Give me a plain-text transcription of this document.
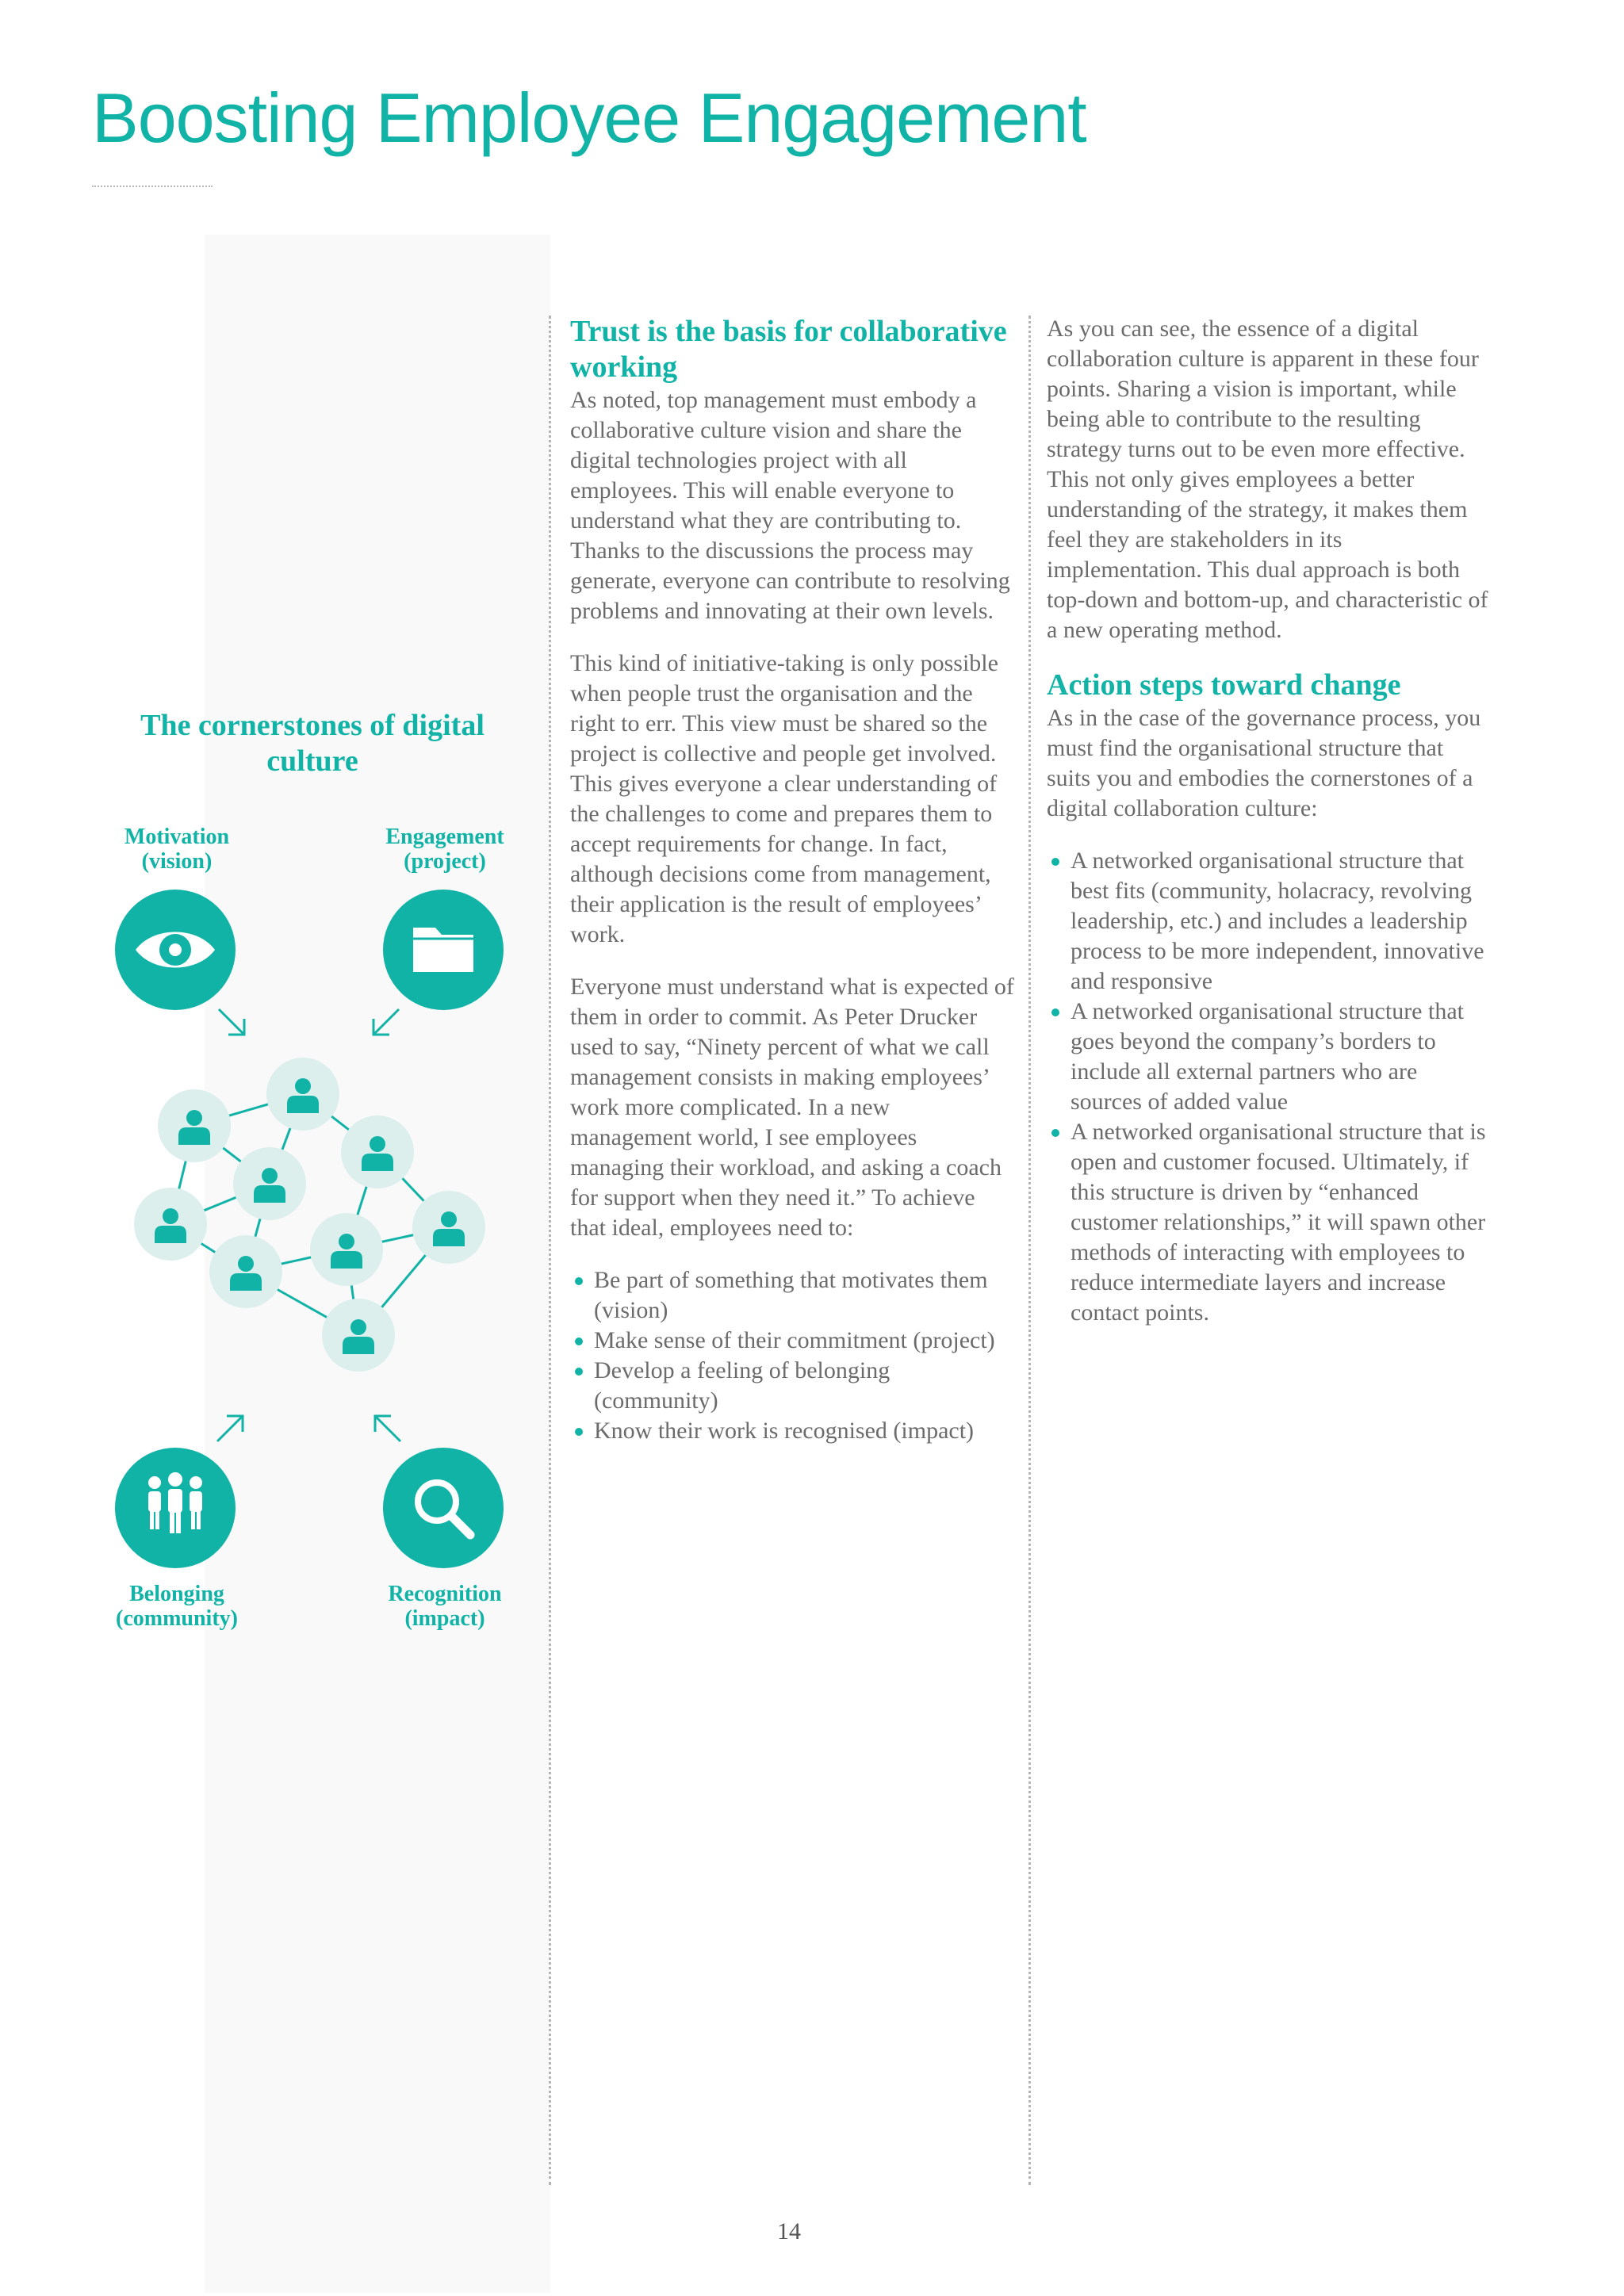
Boosting Employee Engagement
The cornerstones of digital culture
Motivation
(vision)
Engagement
(project)
Belonging
(community)
Recognition
(impact)
Trust is the basis for collaborative working

As noted, top management must embody a collaborative culture vision and share the digital technologies project with all employees. This will enable everyone to understand what they are contributing to. Thanks to the discussions the process may generate, everyone can contribute to resolving problems and innovating at their own levels.

This kind of initiative-taking is only possible when people trust the organisation and the right to err. This view must be shared so the project is collective and people get involved. This gives everyone a clear understanding of the challenges to come and prepares them to accept requirements for change. In fact, although decisions come from management, their application is the result of employees’ work.

Everyone must understand what is expected of them in order to commit. As Peter Drucker used to say, “Ninety percent of what we call management consists in making employees’ work more complicated. In a new management world, I see employees managing their workload, and asking a coach for support when they need it.” To achieve that ideal, employees need to:

Be part of something that motivates them (vision)
Make sense of their commitment (project)
Develop a feeling of belonging (community)
Know their work is recognised (impact)

As you can see, the essence of a digital collaboration culture is apparent in these four points. Sharing a vision is important, while being able to contribute to the resulting strategy turns out to be even more effective. This not only gives employees a better understanding of the strategy, it makes them feel they are stakeholders in its implementation. This dual approach is both top-down and bottom-up, and characteristic of a new operating method.

Action steps toward change

As in the case of the governance process, you must find the organisational structure that suits you and embodies the cornerstones of a digital collaboration culture:

A networked organisational structure that best fits (community, holacracy, revolving leadership, etc.) and includes a leadership process to be more independent, innovative and responsive
A networked organisational structure that goes beyond the company’s borders to include all external partners who are sources of added value
A networked organisational structure that is open and customer focused. Ultimately, if this structure is driven by “enhanced customer relationships,” it will spawn other methods of interacting with employees to reduce intermediate layers and increase contact points.
14
